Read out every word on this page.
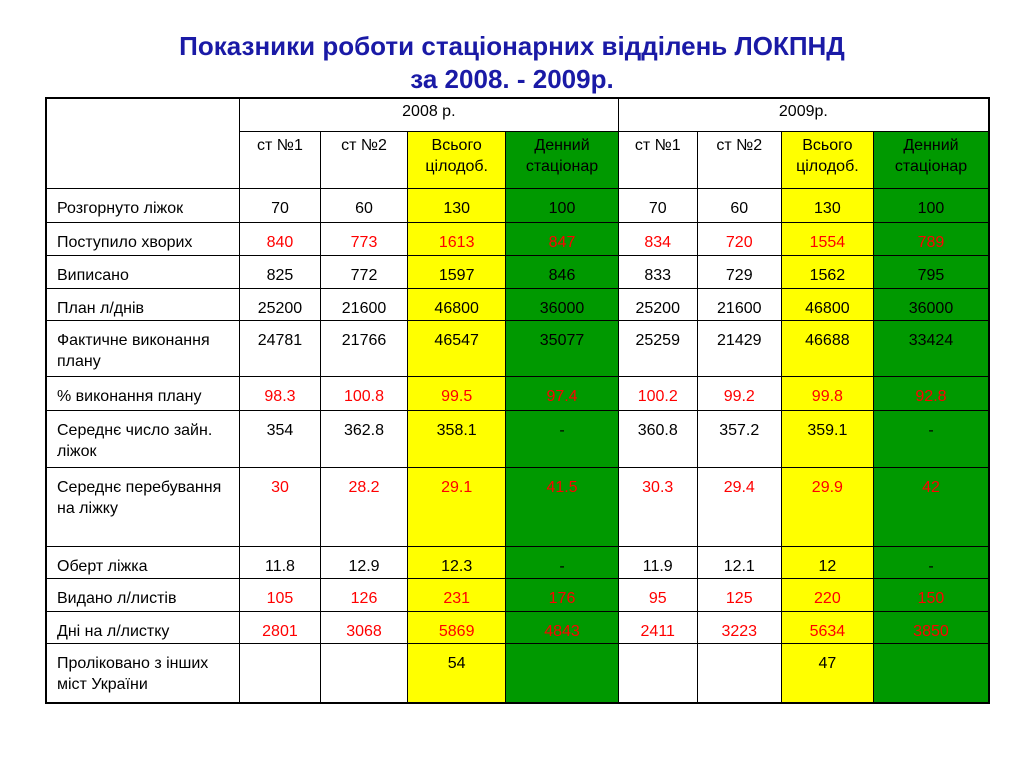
Показники роботи стаціонарних відділень ЛОКПНД
за 2008. - 2009р.
	2008 р.				2009р.			
	ст №1	ст №2	Всього цілодоб.	Денний стаціонар	ст №1	ст №2	Всього цілодоб.	Денний стаціонар
Розгорнуто ліжок	70	60	130	100	70	60	130	100
Поступило хворих	840	773	1613	847	834	720	1554	789
Виписано	825	772	1597	846	833	729	1562	795
План л/днів	25200	21600	46800	36000	25200	21600	46800	36000
Фактичне виконання плану	24781	21766	46547	35077	25259	21429	46688	33424
% виконання плану	98.3	100.8	99.5	97.4	100.2	99.2	99.8	92.8
Середнє число зайн. ліжок	354	362.8	358.1	-	360.8	357.2	359.1	-
Середнє перебування на ліжку	30	28.2	29.1	41.5	30.3	29.4	29.9	42
Оберт ліжка	11.8	12.9	12.3	-	11.9	12.1	12	-
Видано л/листів	105	126	231	176	95	125	220	150
Дні на л/листку	2801	3068	5869	4843	2411	3223	5634	3850
Проліковано з інших міст України			54				47	
